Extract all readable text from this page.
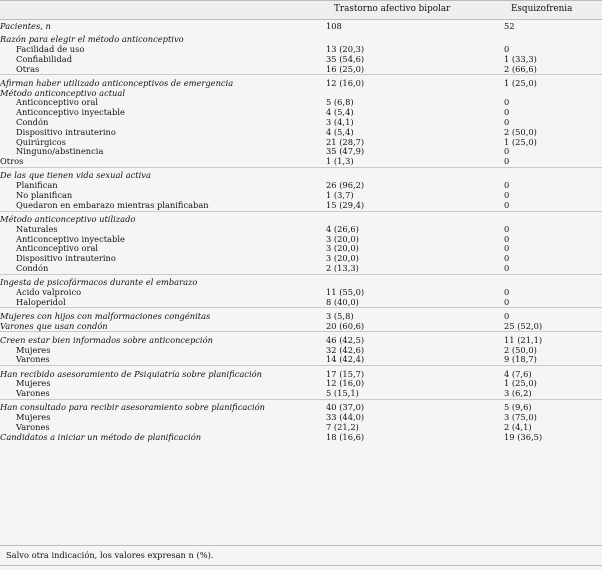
Trastorno afectivo bipolar	Esquizofrenia
Pacientes, n	108	52

Razón para elegir el método anticonceptivo		
Facilidad de uso	13 (20,3)	0
Confiabilidad	35 (54,6)	1 (33,3)
Otras	16 (25,0)	2 (66,6)

Afirman haber utilizado anticonceptivos de emergencia	12 (16,0)	1 (25,0)
Método anticonceptivo actual		
Anticonceptivo oral	5 (6,8)	0
Anticonceptivo inyectable	4 (5,4)	0
Condón	3 (4,1)	0
Dispositivo intrauterino	4 (5,4)	2 (50,0)
Quirúrgicos	21 (28,7)	1 (25,0)
Ninguno/abstinencia	35 (47,9)	0
Otros	1 (1,3)	0

De las que tienen vida sexual activa		
Planifican	26 (96,2)	0
No planifican	1 (3,7)	0
Quedaron en embarazo mientras planificaban	15 (29,4)	0

Método anticonceptivo utilizado		
Naturales	4 (26,6)	0
Anticonceptivo inyectable	3 (20,0)	0
Anticonceptivo oral	3 (20,0)	0
Dispositivo intrauterino	3 (20,0)	0
Condón	2 (13,3)	0

Ingesta de psicofármacos durante el embarazo		
Ácido valproico	11 (55,0)	0
Haloperidol	8 (40,0)	0

Mujeres con hijos con malformaciones congénitas	3 (5,8)	0
Varones que usan condón	20 (60,6)	25 (52,0)

Creen estar bien informados sobre anticoncepción	46 (42,5)	11 (21,1)
Mujeres	32 (42,6)	2 (50,0)
Varones	14 (42,4)	9 (18,7)

Han recibido asesoramiento de Psiquiatría sobre planificación	17 (15,7)	4 (7,6)
Mujeres	12 (16,0)	1 (25,0)
Varones	5 (15,1)	3 (6,2)

Han consultado para recibir asesoramiento sobre planificación	40 (37,0)	5 (9,6)
Mujeres	33 (44,0)	3 (75,0)
Varones	7 (21,2)	2 (4,1)
Candidatos a iniciar un método de planificación	18 (16,6)	19 (36,5)
Salvo otra indicación, los valores expresan n (%).
